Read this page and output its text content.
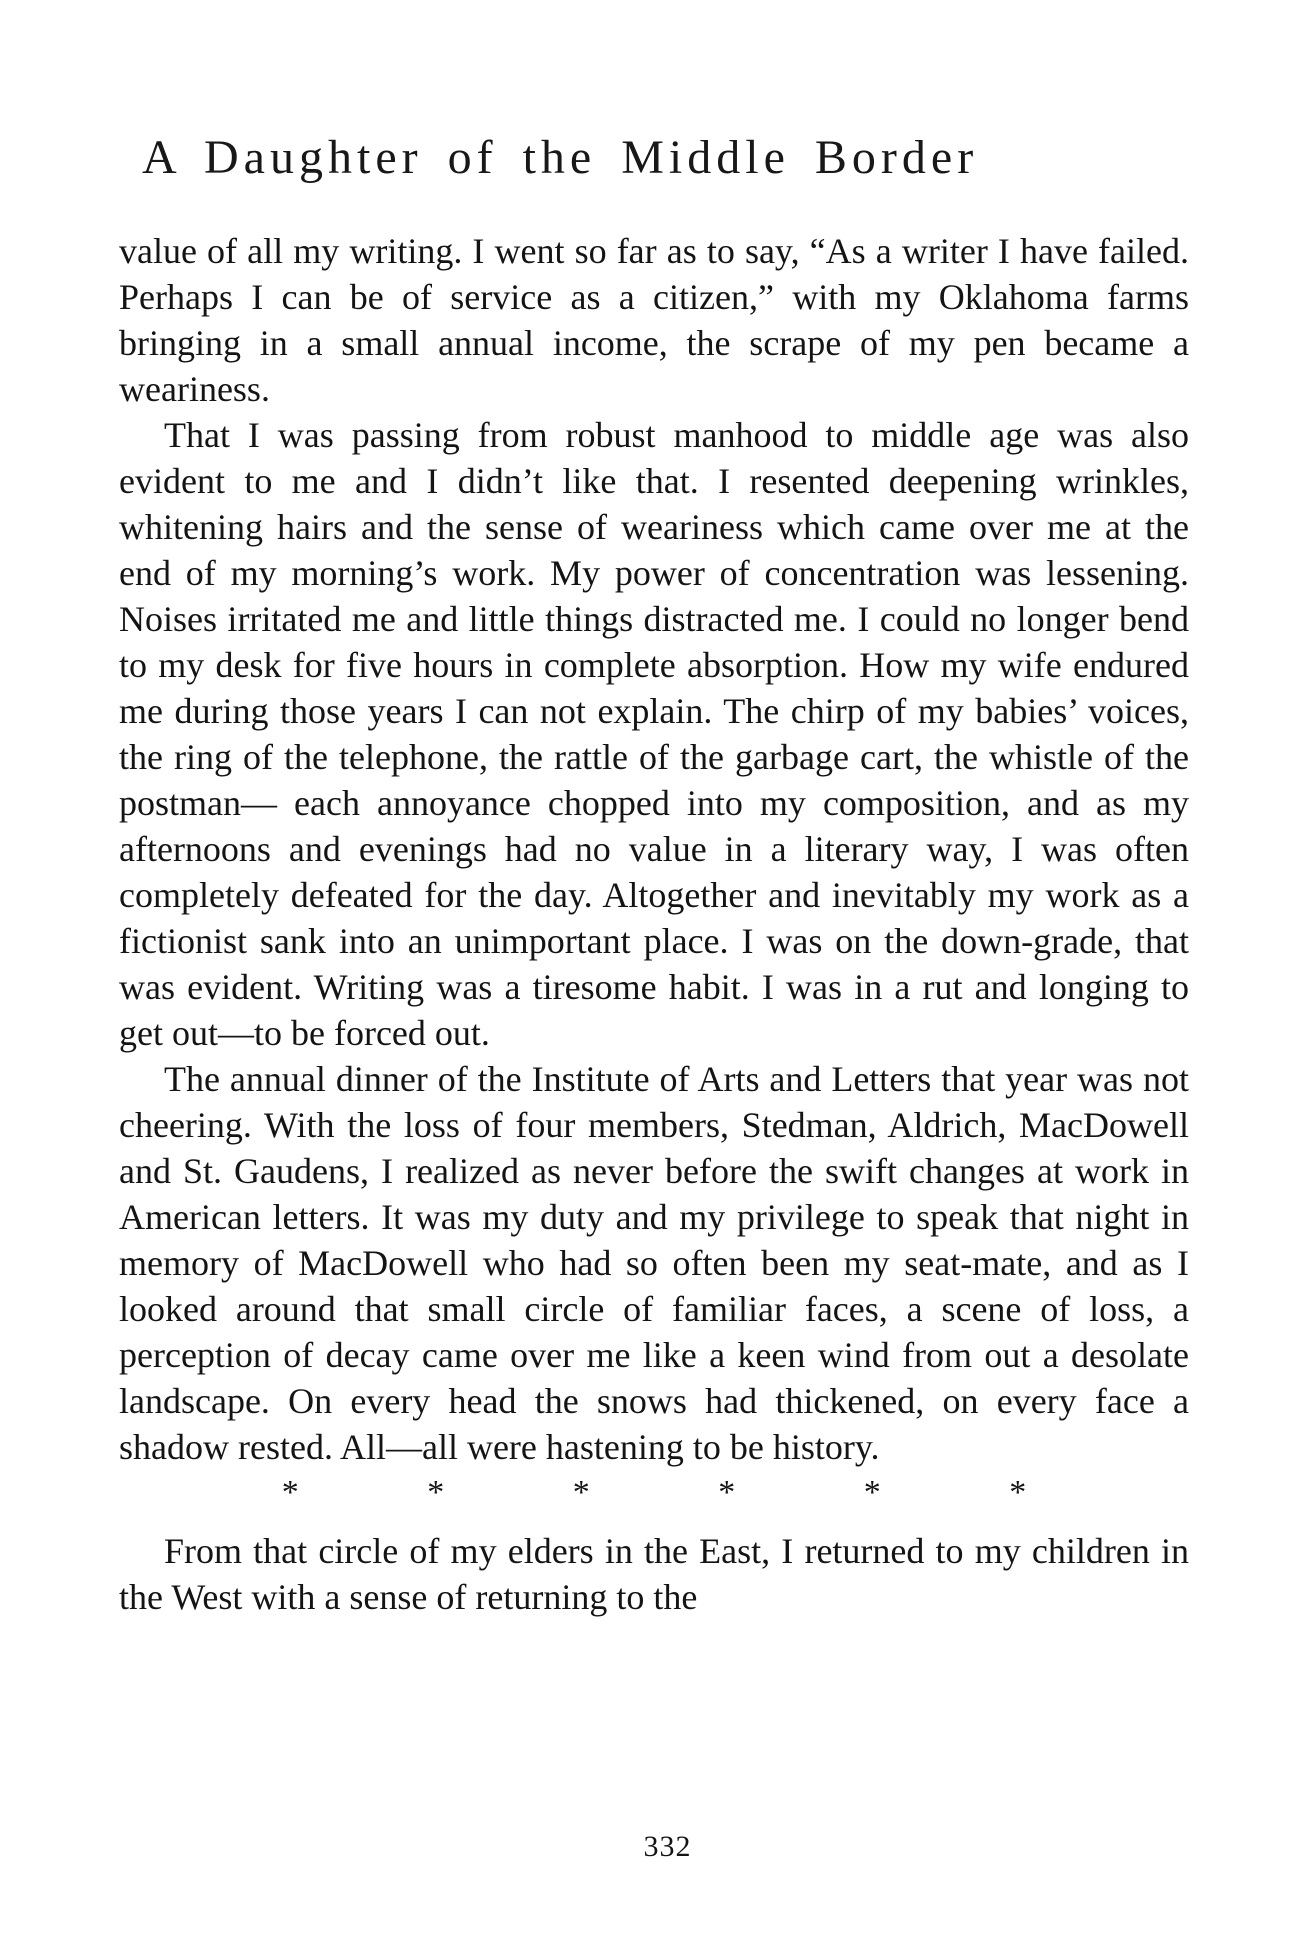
A Daughter of the Middle Border

value of all my writing. I went so far as to say, “As a writer I have failed. Perhaps I can be of service as a citizen,” with my Oklahoma farms bringing in a small annual income, the scrape of my pen became a weariness.

That I was passing from robust manhood to middle age was also evident to me and I didn’t like that. I resented deepening wrinkles, whitening hairs and the sense of weariness which came over me at the end of my morning’s work. My power of concentration was lessening. Noises irritated me and little things distracted me. I could no longer bend to my desk for five hours in complete absorption. How my wife endured me during those years I can not explain. The chirp of my babies’ voices, the ring of the telephone, the rattle of the garbage cart, the whistle of the postman— each annoyance chopped into my composition, and as my afternoons and evenings had no value in a literary way, I was often completely defeated for the day. Altogether and inevitably my work as a fictionist sank into an unimportant place. I was on the down-grade, that was evident. Writing was a tiresome habit. I was in a rut and longing to get out—to be forced out.

The annual dinner of the Institute of Arts and Letters that year was not cheering. With the loss of four members, Stedman, Aldrich, MacDowell and St. Gaudens, I realized as never before the swift changes at work in American letters. It was my duty and my privilege to speak that night in memory of MacDowell who had so often been my seat-mate, and as I looked around that small circle of familiar faces, a scene of loss, a perception of decay came over me like a keen wind from out a desolate landscape. On every head the snows had thickened, on every face a shadow rested. All—all were hastening to be history.

* * * * * *

From that circle of my elders in the East, I returned to my children in the West with a sense of returning to the

332
